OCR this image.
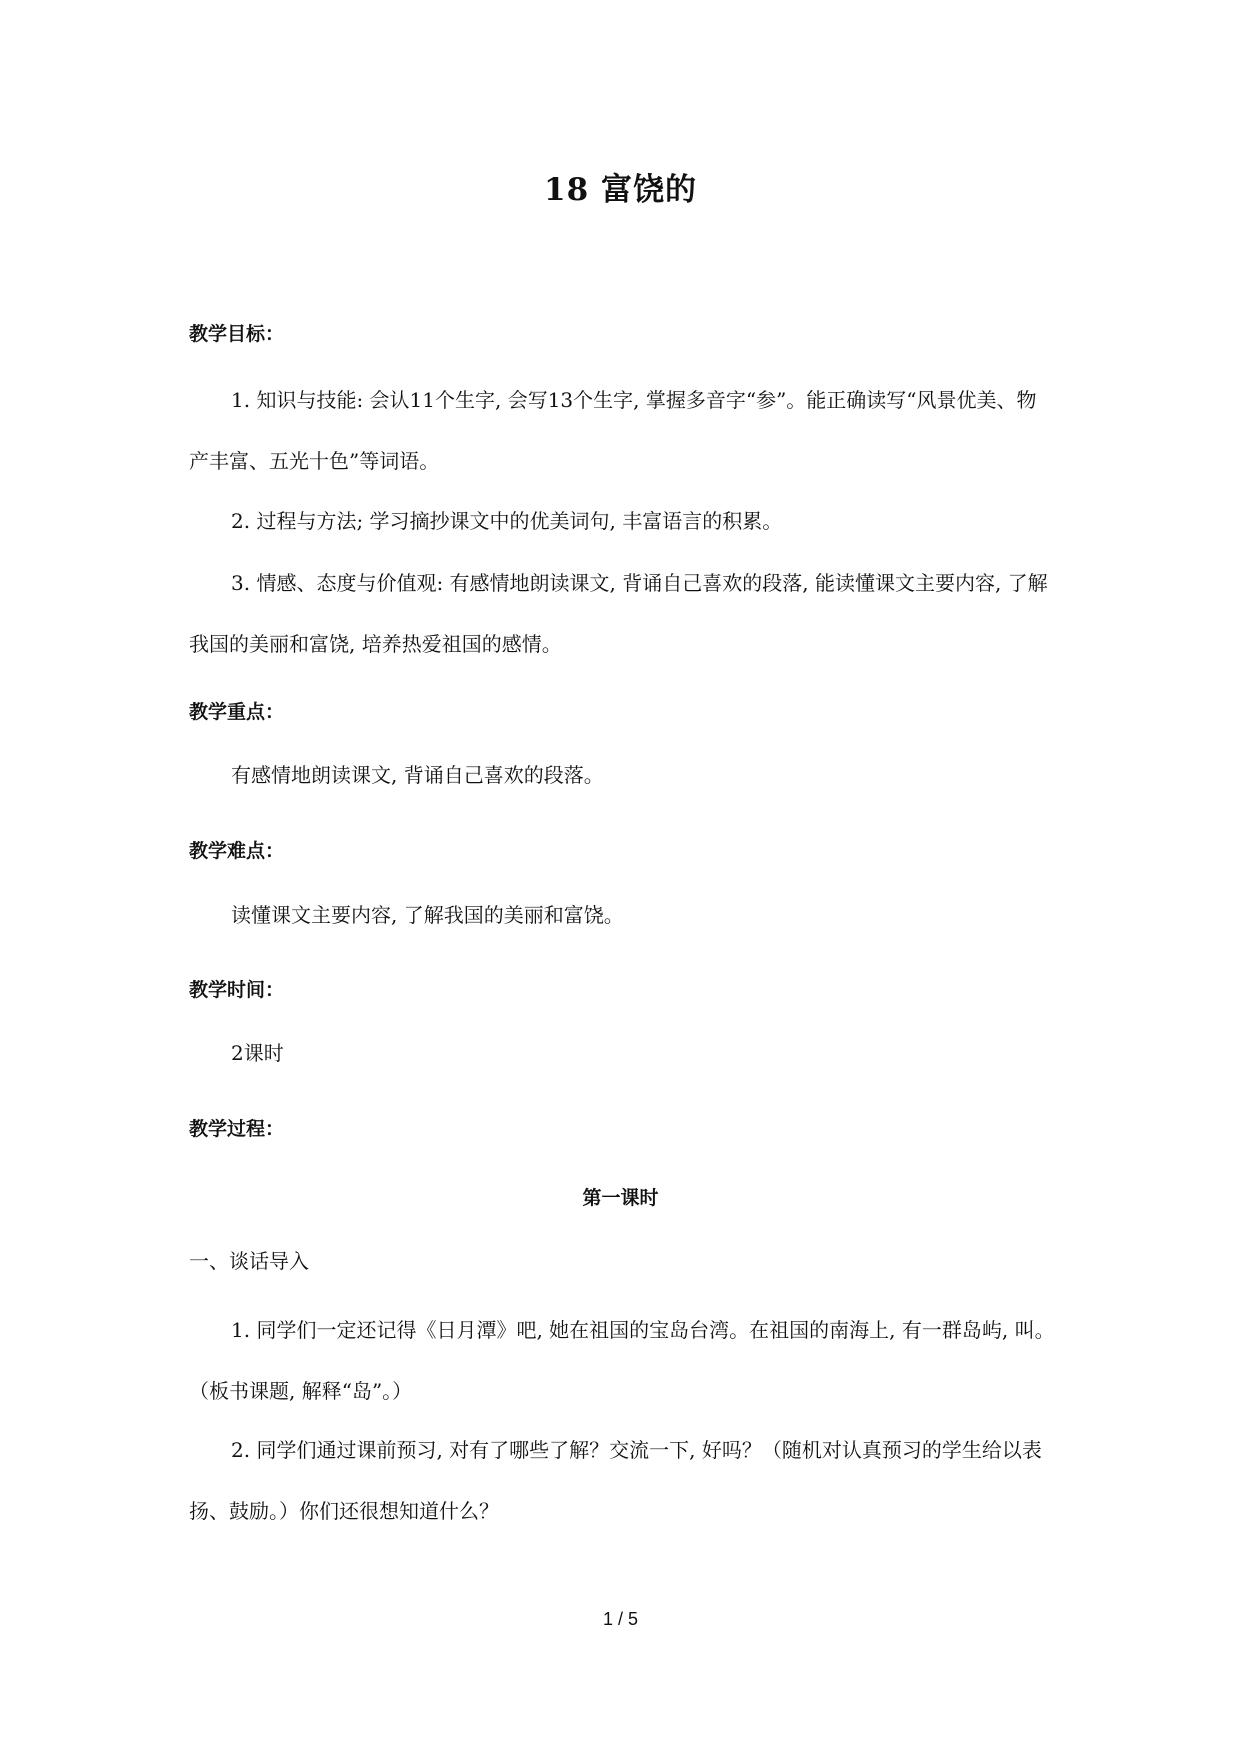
18 富饶的
教学目标：

1. 知识与技能: 会认11个生字, 会写13个生字, 掌握多音字“参”。能正确读写“风景优美、物产丰富、五光十色”等词语。

2. 过程与方法; 学习摘抄课文中的优美词句, 丰富语言的积累。

3. 情感、态度与价值观: 有感情地朗读课文, 背诵自己喜欢的段落, 能读懂课文主要内容, 了解我国的美丽和富饶, 培养热爱祖国的感情。

教学重点：

有感情地朗读课文, 背诵自己喜欢的段落。

教学难点：

读懂课文主要内容, 了解我国的美丽和富饶。

教学时间：

2课时

教学过程：
第一课时

一、谈话导入

1. 同学们一定还记得《日月潭》吧, 她在祖国的宝岛台湾。在祖国的南海上, 有一群岛屿, 叫。（板书课题, 解释“岛”。）

2. 同学们通过课前预习, 对有了哪些了解？交流一下, 好吗？（随机对认真预习的学生给以表扬、鼓励。）你们还很想知道什么？

1 / 5
